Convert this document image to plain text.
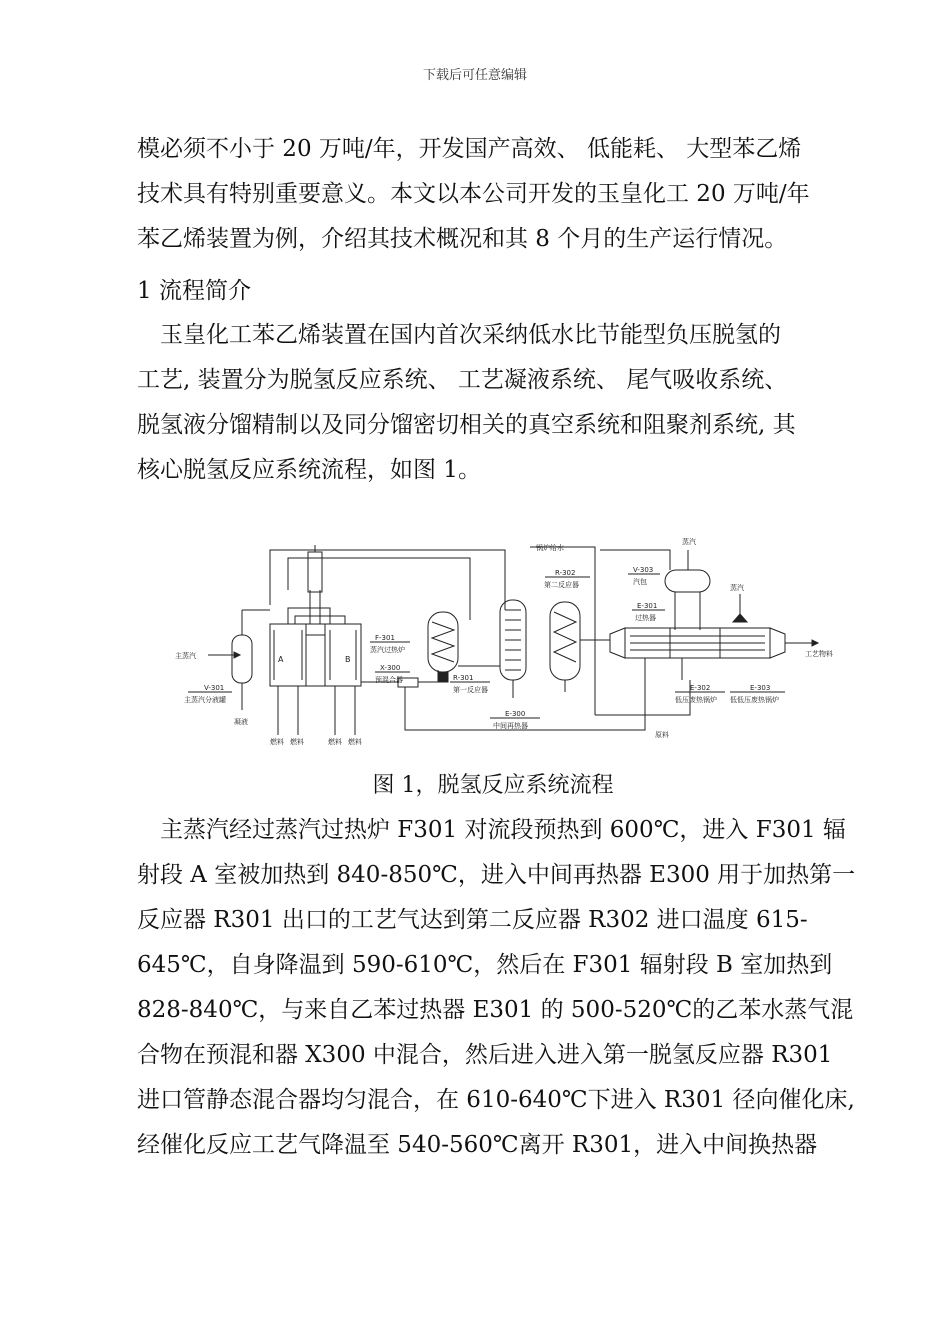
下载后可任意编辑

模必须不小于 20 万吨/年，开发国产高效、 低能耗、 大型苯乙烯
技术具有特别重要意义。本文以本公司开发的玉皇化工 20 万吨/年
苯乙烯装置为例，介绍其技术概况和其 8 个月的生产运行情况。

1 流程简介

　玉皇化工苯乙烯装置在国内首次采纳低水比节能型负压脱氢的
工艺, 装置分为脱氢反应系统、 工艺凝液系统、 尾气吸收系统、
脱氢液分馏精制以及同分馏密切相关的真空系统和阻聚剂系统, 其
核心脱氢反应系统流程，如图 1。

主蒸汽
V-301
主蒸汽分液罐
凝液
A	B
F-301
蒸汽过热炉
燃料 燃料	燃料 燃料
X-300
预混合器	R-301
第一反应器
E-300
中间再热器
R-302
第二反应器
锅炉给水
蒸汽
V-303
汽包
蒸汽
E-301
过热器
E-302
低压废热锅炉
E-303
低低压废热锅炉
工艺物料
原料
图 1，脱氢反应系统流程

　主蒸汽经过蒸汽过热炉 F301 对流段预热到 600℃，进入 F301 辐
射段 A 室被加热到 840-850℃，进入中间再热器 E300 用于加热第一
反应器 R301 出口的工艺气达到第二反应器 R302 进口温度 615-
645℃，自身降温到 590-610℃，然后在 F301 辐射段 B 室加热到
828-840℃，与来自乙苯过热器 E301 的 500-520℃的乙苯水蒸气混
合物在预混和器 X300 中混合，然后进入进入第一脱氢反应器 R301
进口管静态混合器均匀混合，在 610-640℃下进入 R301 径向催化床,
经催化反应工艺气降温至 540-560℃离开 R301，进入中间换热器
